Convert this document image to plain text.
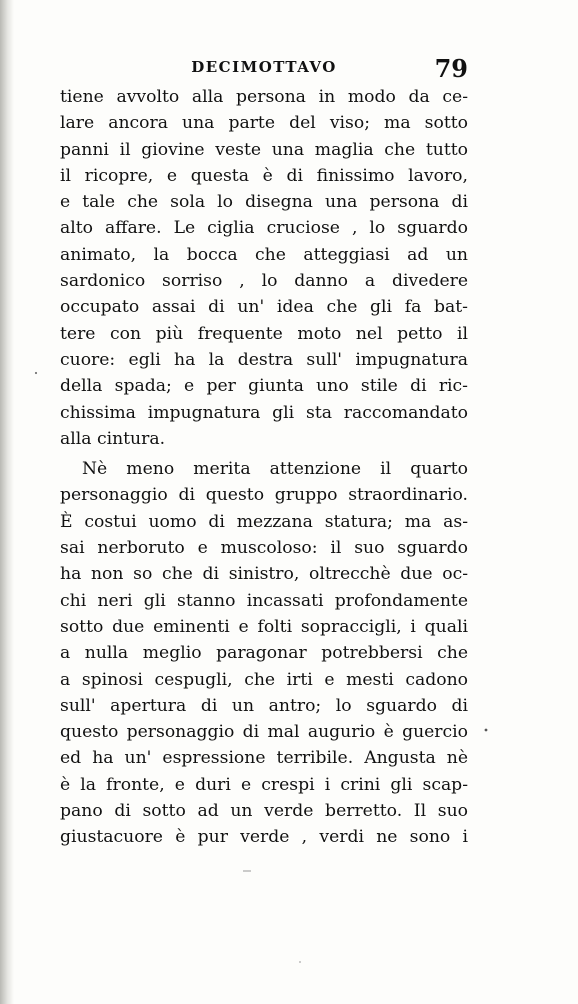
DECIMOTTAVO	79
tiene avvolto alla persona in modo da ce-
lare ancora una parte del viso; ma sotto
panni il giovine veste una maglia che tutto
il ricopre, e questa è di finissimo lavoro,
e tale che sola lo disegna una persona di
alto affare. Le ciglia cruciose , lo sguardo
animato, la bocca che atteggiasi ad un
sardonico sorriso , lo danno a divedere
occupato assai di un' idea che gli fa bat-
tere con più frequente moto nel petto il
cuore: egli ha la destra sull' impugnatura
della spada; e per giunta uno stile di ric-
chissima impugnatura gli sta raccomandato
alla cintura.
Nè meno merita attenzione il quarto
personaggio di questo gruppo straordinario.
È costui uomo di mezzana statura; ma as-
sai nerboruto e muscoloso: il suo sguardo
ha non so che di sinistro, oltrecchè due oc-
chi neri gli stanno incassati profondamente
sotto due eminenti e folti sopraccigli, i quali
a nulla meglio paragonar potrebbersi che
a spinosi cespugli, che irti e mesti cadono
sull' apertura di un antro; lo sguardo di
questo personaggio di mal augurio è guercio
ed ha un' espressione terribile. Angusta nè
è la fronte, e duri e crespi i crini gli scap-
pano di sotto ad un verde berretto. Il suo
giustacuore è pur verde , verdi ne sono i
